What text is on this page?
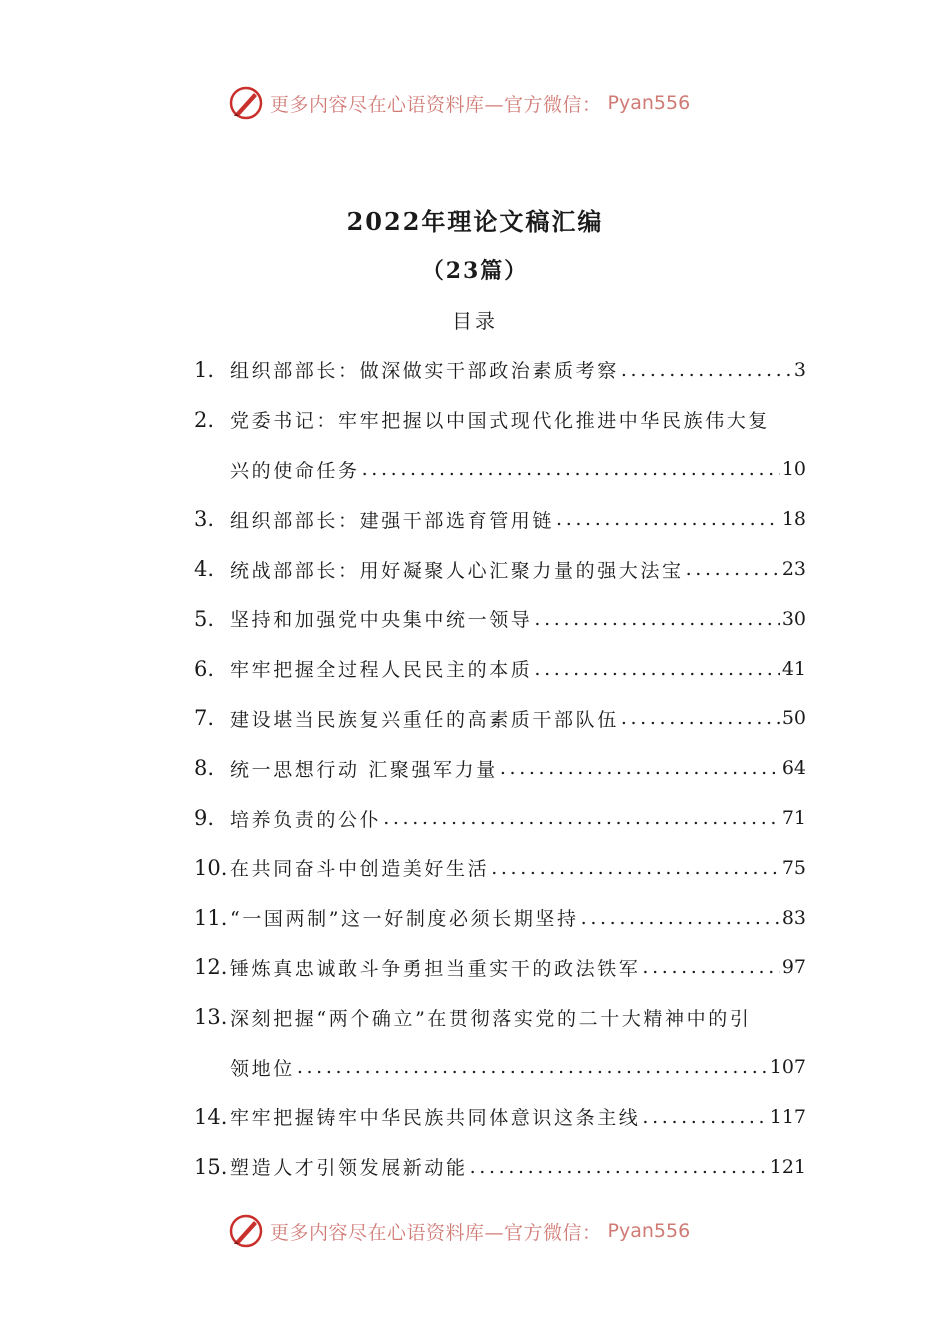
更多内容尽在心语资料库—官方微信： Pyan556
2022年理论文稿汇编
（23篇）
目录
1. 组织部部长：做深做实干部政治素质考察 . . .	3
2. 党委书记：牢牢把握以中国式现代化推进中华民族伟大复
兴的使命任务 . . .	10
3. 组织部部长：建强干部选育管用链 . . .	18
4. 统战部部长：用好凝聚人心汇聚力量的强大法宝 . . .	23
5. 坚持和加强党中央集中统一领导 . . .	30
6. 牢牢把握全过程人民民主的本质 . . .	41
7. 建设堪当民族复兴重任的高素质干部队伍 . . .	50
8. 统一思想行动 汇聚强军力量 . . .	64
9. 培养负责的公仆 . . .	71
10. 在共同奋斗中创造美好生活 . . .	75
11. “一国两制”这一好制度必须长期坚持 . . .	83
12. 锤炼真忠诚敢斗争勇担当重实干的政法铁军 . . .	97
13. 深刻把握“两个确立”在贯彻落实党的二十大精神中的引
领地位 . . .	107
14. 牢牢把握铸牢中华民族共同体意识这条主线 . . .	117
15. 塑造人才引领发展新动能 . . .	121
更多内容尽在心语资料库—官方微信： Pyan556
